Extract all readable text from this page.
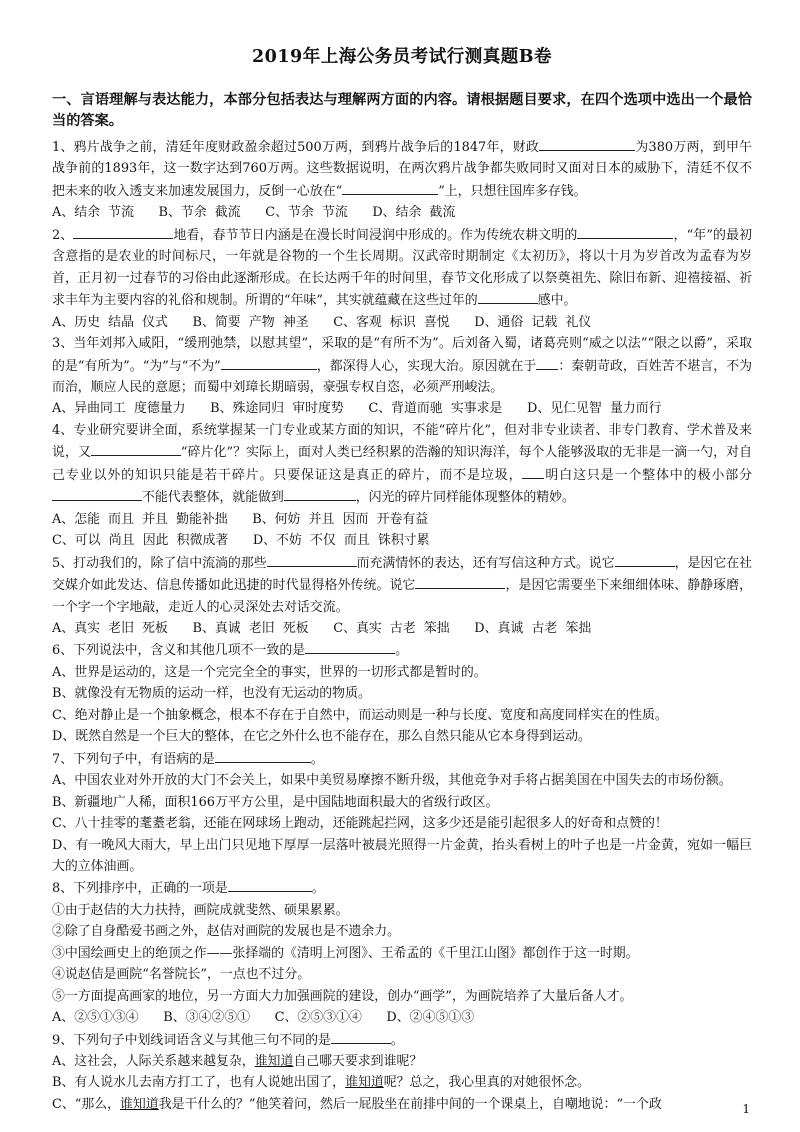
2019年上海公务员考试行测真题B卷
一、言语理解与表达能力，本部分包括表达与理解两方面的内容。请根据题目要求，在四个选项中选出一个最恰当的答案。

1、鸦片战争之前，清廷年度财政盈余超过500万两，到鸦片战争后的1847年，财政	为380万两，到甲午战争前的1893年，这一数字达到760万两。这些数据说明，在两次鸦片战争都失败同时又面对日本的威胁下，清廷不仅不把未来的收入透支来加速发展国力，反倒一心放在“	”上，只想往国库多存钱。

A、结余  节流      B、节余  截流      C、节余  节流      D、结余  截流

2、	地看，春节节日内涵是在漫长时间浸润中形成的。作为传统农耕文明的	，“年”的最初含意指的是农业的时间标尺，一年就是谷物的一个生长周期。汉武帝时期制定《太初历》，将以十月为岁首改为孟春为岁首，正月初一过春节的习俗由此逐渐形成。在长达两千年的时间里，春节文化形成了以祭奠祖先、除旧布新、迎禧接福、祈求丰年为主要内容的礼俗和规制。所谓的“年味”，其实就蕴藏在这些过年的	感中。

A、历史  结晶  仪式      B、简要  产物  神圣      C、客观  标识  喜悦      D、通俗  记载  礼仪

3、当年刘邦入咸阳，“缓刑弛禁，以慰其望”，采取的是“有所不为”。后刘备入蜀，诸葛亮则“威之以法”“限之以爵”，采取的是“有所为”。“为”与“不为”	，都深得人心，实现大治。原因就在于 ：秦朝苛政，百姓苦不堪言，不为而治，顺应人民的意愿；而蜀中刘璋长期暗弱，豪强专权自恣，必须严刑峻法。

A、异曲同工  度德量力      B、殊途同归  审时度势      C、背道而驰  实事求是      D、见仁见智  量力而行

4、专业研究要讲全面，系统掌握某一门专业或某方面的知识，不能“碎片化”，但对非专业读者、非专门教育、学术普及来说，又	“碎片化”？实际上，面对人类已经积累的浩瀚的知识海洋，每个人能够汲取的无非是一滴一勺，对自己专业以外的知识只能是若干碎片。只要保证这是真正的碎片，而不是垃圾， 明白这只是一个整体中的极小部分不能代表整体，就能做到	，闪光的碎片同样能体现整体的精妙。

A、怎能  而且  并且  勤能补拙      B、何妨  并且  因而  开卷有益

C、可以  尚且  因此  积微成著      D、不妨  不仅  而且  铢积寸累

5、打动我们的，除了信中流淌的那些	而充满情怀的表达，还有写信这种方式。说它	，是因它在社交媒介如此发达、信息传播如此迅捷的时代显得格外传统。说它	，是因它需要坐下来细细体味、静静琢磨，一个字一个字地敲，走近人的心灵深处去对话交流。

A、真实  老旧  死板      B、真诚  老旧  死板      C、真实  古老  笨拙      D、真诚  古老  笨拙

6、下列说法中，含义和其他几项不一致的是	。

A、世界是运动的，这是一个完完全全的事实，世界的一切形式都是暂时的。

B、就像没有无物质的运动一样，也没有无运动的物质。

C、绝对静止是一个抽象概念，根本不存在于自然中，而运动则是一种与长度、宽度和高度同样实在的性质。

D、既然自然是一个巨大的整体，在它之外什么也不能存在，那么自然只能从它本身得到运动。

7、下列句子中，有语病的是	。

A、中国农业对外开放的大门不会关上，如果中美贸易摩擦不断升级，其他竞争对手将占据美国在中国失去的市场份额。

B、新疆地广人稀，面积166万平方公里，是中国陆地面积最大的省级行政区。

C、八十挂零的耄耋老翁，还能在网球场上跑动，还能跳起拦网，这多少还是能引起很多人的好奇和点赞的！

D、有一晚风大雨大，早上出门只见地下厚厚一层落叶被晨光照得一片金黄，抬头看树上的叶子也是一片金黄，宛如一幅巨大的立体油画。

8、下列排序中，正确的一项是	。

①由于赵佶的大力扶持，画院成就斐然、硕果累累。

②除了自身酷爱书画之外，赵佶对画院的发展也是不遗余力。

③中国绘画史上的绝顶之作——张择端的《清明上河图》、王希孟的《千里江山图》都创作于这一时期。

④说赵佶是画院“名誉院长”，一点也不过分。

⑤一方面提高画家的地位，另一方面大力加强画院的建设，创办“画学”，为画院培养了大量后备人才。

A、②⑤①③④      B、③④②⑤①      C、②⑤③①④      D、②④⑤①③

9、下列句子中划线词语含义与其他三句不同的是	。

A、这社会，人际关系越来越复杂，谁知道自己哪天要求到谁呢？

B、有人说水儿去南方打工了，也有人说她出国了，谁知道呢？总之，我心里真的对她很怀念。

C、“那么，谁知道我是干什么的？”他笑着问，然后一屁股坐在前排中间的一个课桌上，自嘲地说：“一个政	1
